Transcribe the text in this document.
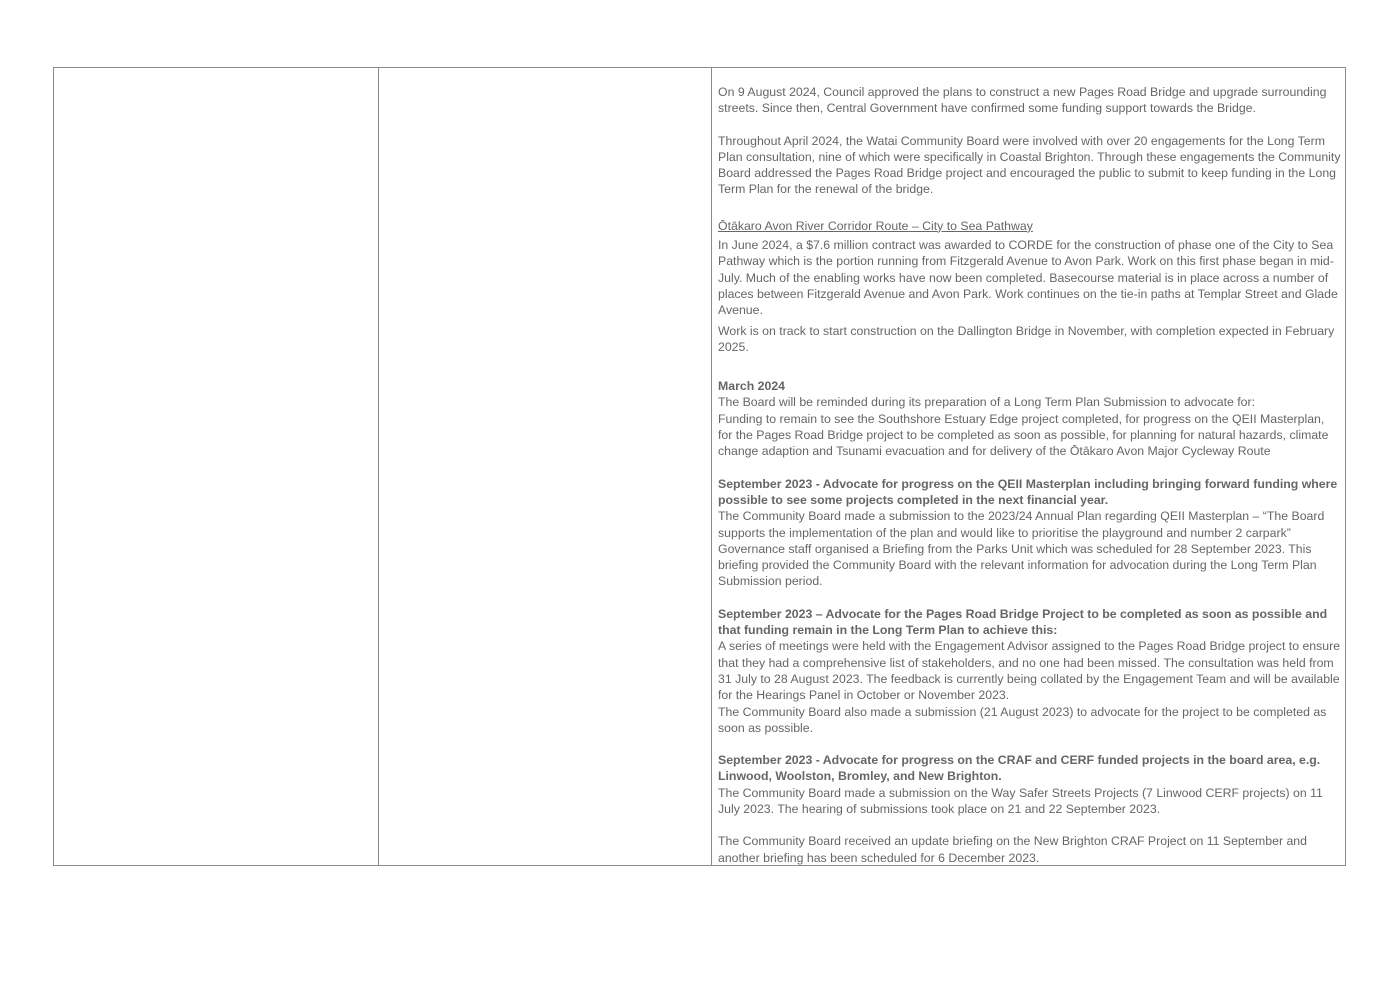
On 9 August 2024, Council approved the plans to construct a new Pages Road Bridge and upgrade surrounding streets. Since then, Central Government have confirmed some funding support towards the Bridge.

Throughout April 2024, the Watai Community Board were involved with over 20 engagements for the Long Term Plan consultation, nine of which were specifically in Coastal Brighton. Through these engagements the Community Board addressed the Pages Road Bridge project and encouraged the public to submit to keep funding in the Long Term Plan for the renewal of the bridge.

Ōtākaro Avon River Corridor Route – City to Sea Pathway

In June 2024, a $7.6 million contract was awarded to CORDE for the construction of phase one of the City to Sea Pathway which is the portion running from Fitzgerald Avenue to Avon Park. Work on this first phase began in mid-July. Much of the enabling works have now been completed. Basecourse material is in place across a number of places between Fitzgerald Avenue and Avon Park. Work continues on the tie-in paths at Templar Street and Glade Avenue.

Work is on track to start construction on the Dallington Bridge in November, with completion expected in February 2025.

March 2024

The Board will be reminded during its preparation of a Long Term Plan Submission to advocate for:

Funding to remain to see the Southshore Estuary Edge project completed, for progress on the QEII Masterplan, for the Pages Road Bridge project to be completed as soon as possible, for planning for natural hazards, climate change adaption and Tsunami evacuation and for delivery of the Ōtākaro Avon Major Cycleway Route

September 2023 - Advocate for progress on the QEII Masterplan including bringing forward funding where possible to see some projects completed in the next financial year.

The Community Board made a submission to the 2023/24 Annual Plan regarding QEII Masterplan – “The Board supports the implementation of the plan and would like to prioritise the playground and number 2 carpark”

Governance staff organised a Briefing from the Parks Unit which was scheduled for 28 September 2023. This briefing provided the Community Board with the relevant information for advocation during the Long Term Plan Submission period.

September 2023 – Advocate for the Pages Road Bridge Project to be completed as soon as possible and that funding remain in the Long Term Plan to achieve this:

A series of meetings were held with the Engagement Advisor assigned to the Pages Road Bridge project to ensure that they had a comprehensive list of stakeholders, and no one had been missed. The consultation was held from 31 July to 28 August 2023. The feedback is currently being collated by the Engagement Team and will be available for the Hearings Panel in October or November 2023.

The Community Board also made a submission (21 August 2023) to advocate for the project to be completed as soon as possible.

September 2023 - Advocate for progress on the CRAF and CERF funded projects in the board area, e.g. Linwood, Woolston, Bromley, and New Brighton.

The Community Board made a submission on the Way Safer Streets Projects (7 Linwood CERF projects) on 11 July 2023. The hearing of submissions took place on 21 and 22 September 2023.

The Community Board received an update briefing on the New Brighton CRAF Project on 11 September and another briefing has been scheduled for 6 December 2023.
